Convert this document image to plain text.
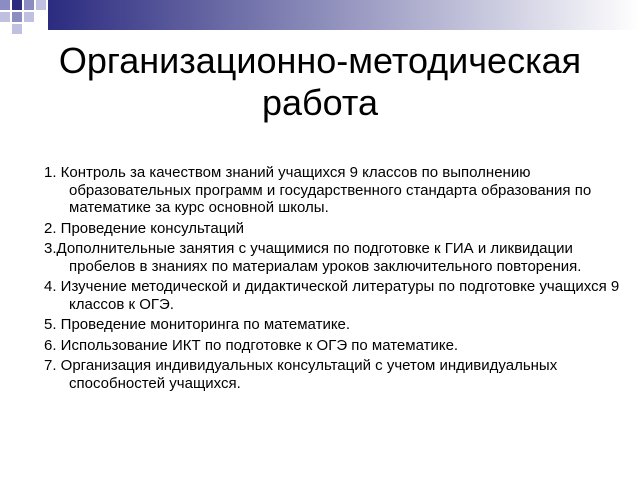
Организационно-методическая работа
1. Контроль за качеством знаний учащихся 9 классов по выполнению образовательных программ и государственного стандарта образования по математике за курс основной школы.
2. Проведение консультаций
3.Дополнительные занятия с учащимися по подготовке к ГИА и ликвидации пробелов в знаниях по материалам уроков заключительного повторения.
4. Изучение методической и дидактической литературы по подготовке учащихся 9 классов к ОГЭ.
5. Проведение мониторинга по математике.
6. Использование ИКТ по подготовке к ОГЭ по математике.
7. Организация индивидуальных консультаций с учетом индивидуальных способностей учащихся.
